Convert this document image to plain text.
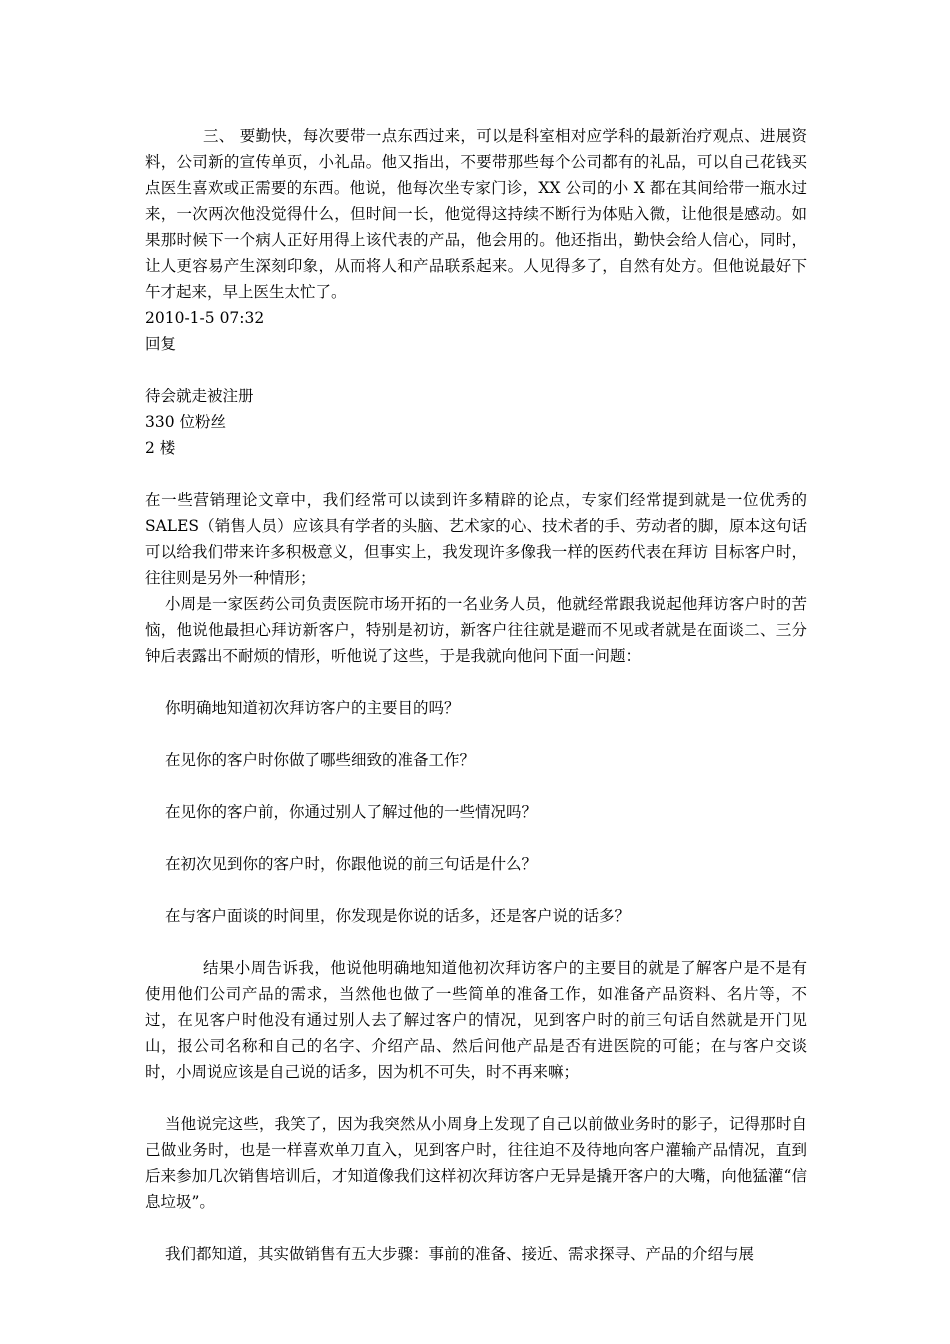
三、 要勤快，每次要带一点东西过来，可以是科室相对应学科的最新治疗观点、进展资料，公司新的宣传单页，小礼品。他又指出，不要带那些每个公司都有的礼品，可以自己花钱买点医生喜欢或正需要的东西。他说，他每次坐专家门诊，XX 公司的小 X 都在其间给带一瓶水过来，一次两次他没觉得什么，但时间一长，他觉得这持续不断行为体贴入微，让他很是感动。如果那时候下一个病人正好用得上该代表的产品，他会用的。他还指出，勤快会给人信心，同时，让人更容易产生深刻印象，从而将人和产品联系起来。人见得多了，自然有处方。但他说最好下午才起来，早上医生太忙了。

2010-1-5 07:32

回复

待会就走被注册

330 位粉丝

2 楼

在一些营销理论文章中，我们经常可以读到许多精辟的论点，专家们经常提到就是一位优秀的 SALES（销售人员）应该具有学者的头脑、艺术家的心、技术者的手、劳动者的脚，原本这句话可以给我们带来许多积极意义，但事实上，我发现许多像我一样的医药代表在拜访 目标客户时，往往则是另外一种情形；

小周是一家医药公司负责医院市场开拓的一名业务人员，他就经常跟我说起他拜访客户时的苦恼，他说他最担心拜访新客户，特别是初访，新客户往往就是避而不见或者就是在面谈二、三分钟后表露出不耐烦的情形，听他说了这些，于是我就向他问下面一问题：

你明确地知道初次拜访客户的主要目的吗？

在见你的客户时你做了哪些细致的准备工作？

在见你的客户前，你通过别人了解过他的一些情况吗？

在初次见到你的客户时，你跟他说的前三句话是什么？

在与客户面谈的时间里，你发现是你说的话多，还是客户说的话多？

结果小周告诉我，他说他明确地知道他初次拜访客户的主要目的就是了解客户是不是有使用他们公司产品的需求，当然他也做了一些简单的准备工作，如准备产品资料、名片等，不过，在见客户时他没有通过别人去了解过客户的情况，见到客户时的前三句话自然就是开门见山，报公司名称和自己的名字、介绍产品、然后问他产品是否有进医院的可能；在与客户交谈时，小周说应该是自己说的话多，因为机不可失，时不再来嘛；

当他说完这些，我笑了，因为我突然从小周身上发现了自己以前做业务时的影子，记得那时自己做业务时，也是一样喜欢单刀直入，见到客户时，往往迫不及待地向客户灌输产品情况，直到后来参加几次销售培训后，才知道像我们这样初次拜访客户无异是撬开客户的大嘴，向他猛灌“信息垃圾”。

我们都知道，其实做销售有五大步骤：事前的准备、接近、需求探寻、产品的介绍与展
